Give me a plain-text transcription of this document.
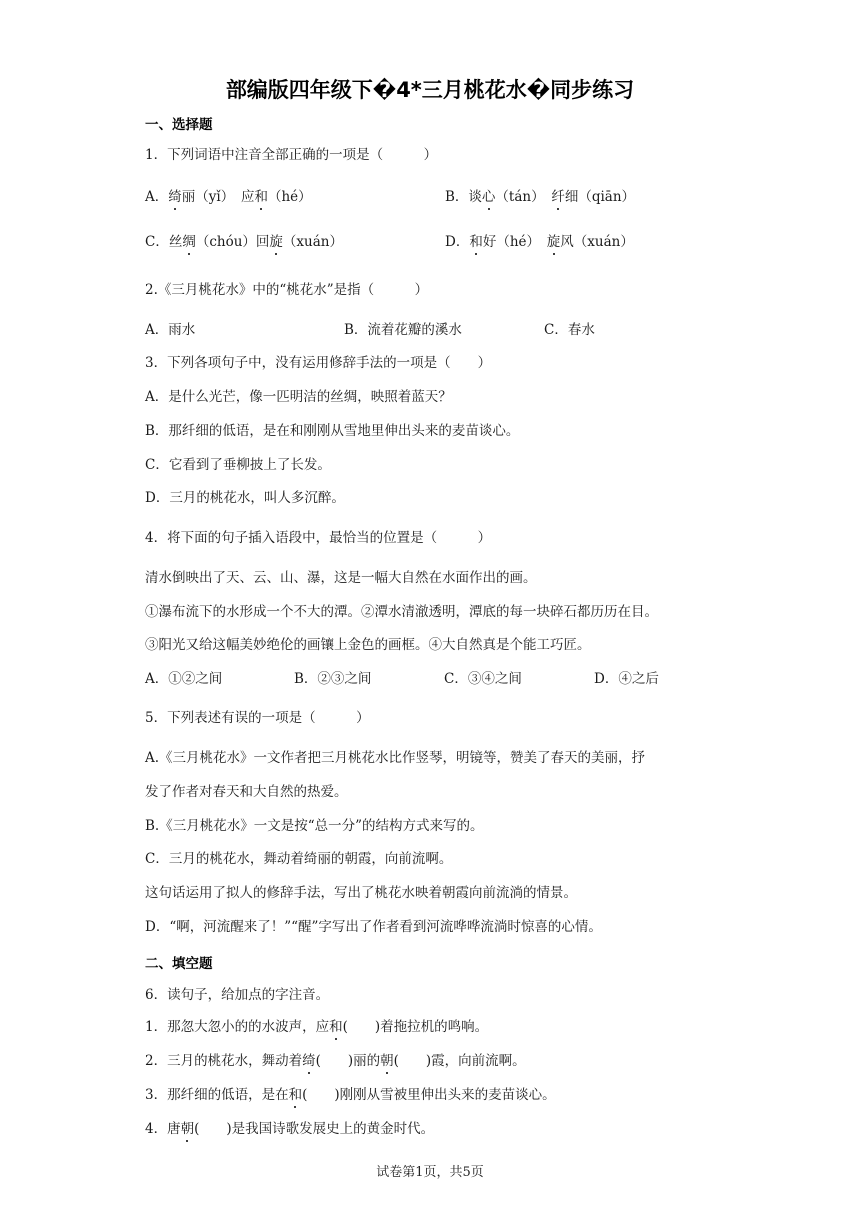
部编版四年级下�4*三月桃花水�同步练习
一、选择题
1．下列词语中注音全部正确的一项是（　　　）
A．绮丽（yǐ）　应和（hé）	B．谈心（tán）　纤细（qiān）
C．丝绸（chóu）回旋（xuán）	D．和好（hé）　旋风（xuán）
2.《三月桃花水》中的“桃花水”是指（　　　）
A．雨水	B．流着花瓣的溪水	C．春水
3．下列各项句子中，没有运用修辞手法的一项是（　　）
A．是什么光芒，像一匹明洁的丝绸，映照着蓝天？
B．那纤细的低语，是在和刚刚从雪地里伸出头来的麦苗谈心。
C．它看到了垂柳披上了长发。
D．三月的桃花水，叫人多沉醉。
4．将下面的句子插入语段中，最恰当的位置是（　　　）
清水倒映出了天、云、山、瀑，这是一幅大自然在水面作出的画。
①瀑布流下的水形成一个不大的潭。②潭水清澈透明，潭底的每一块碎石都历历在目。
③阳光又给这幅美妙绝伦的画镶上金色的画框。④大自然真是个能工巧匠。
A．①②之间	B．②③之间	C．③④之间	D．④之后
5．下列表述有误的一项是（　　　）
A.《三月桃花水》一文作者把三月桃花水比作竖琴，明镜等，赞美了春天的美丽，抒
发了作者对春天和大自然的热爱。
B.《三月桃花水》一文是按“总一分”的结构方式来写的。
C．三月的桃花水，舞动着绮丽的朝霞，向前流啊。
这句话运用了拟人的修辞手法，写出了桃花水映着朝霞向前流淌的情景。
D．“啊，河流醒来了！”“醒”字写出了作者看到河流哗哗流淌时惊喜的心情。
二、填空题
6．读句子，给加点的字注音。
1．那忽大忽小的的水波声，应和(　　)着拖拉机的鸣响。
2．三月的桃花水，舞动着绮(　　)丽的朝(　　)霞，向前流啊。
3．那纤细的低语，是在和(　　)刚刚从雪被里伸出头来的麦苗谈心。
4．唐朝(　　)是我国诗歌发展史上的黄金时代。
试卷第1页，共5页
